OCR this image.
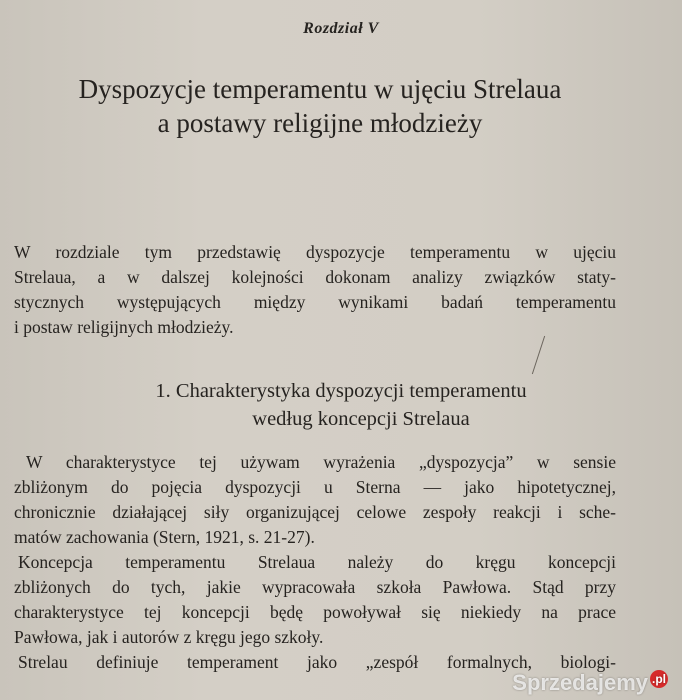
Rozdział V
Dyspozycje temperamentu w ujęciu Strelaua
a postawy religijne młodzieży
W rozdziale tym przedstawię dyspozycje temperamentu w ujęciu
Strelaua, a w dalszej kolejności dokonam analizy związków staty-
stycznych występujących między wynikami badań temperamentu
i postaw religijnych młodzieży.
1. Charakterystyka dyspozycji temperamentu
według koncepcji Strelaua
W charakterystyce tej używam wyrażenia „dyspozycja” w sensie
zbliżonym do pojęcia dyspozycji u Sterna — jako hipotetycznej,
chronicznie działającej siły organizującej celowe zespoły reakcji i sche-
matów zachowania (Stern, 1921, s. 21-27).
Koncepcja temperamentu Strelaua należy do kręgu koncepcji
zbliżonych do tych, jakie wypracowała szkoła Pawłowa. Stąd przy
charakterystyce tej koncepcji będę powoływał się niekiedy na prace
Pawłowa, jak i autorów z kręgu jego szkoły.
Strelau definiuje temperament jako „zespół formalnych, biologi-
Sprzedajemy .pl
